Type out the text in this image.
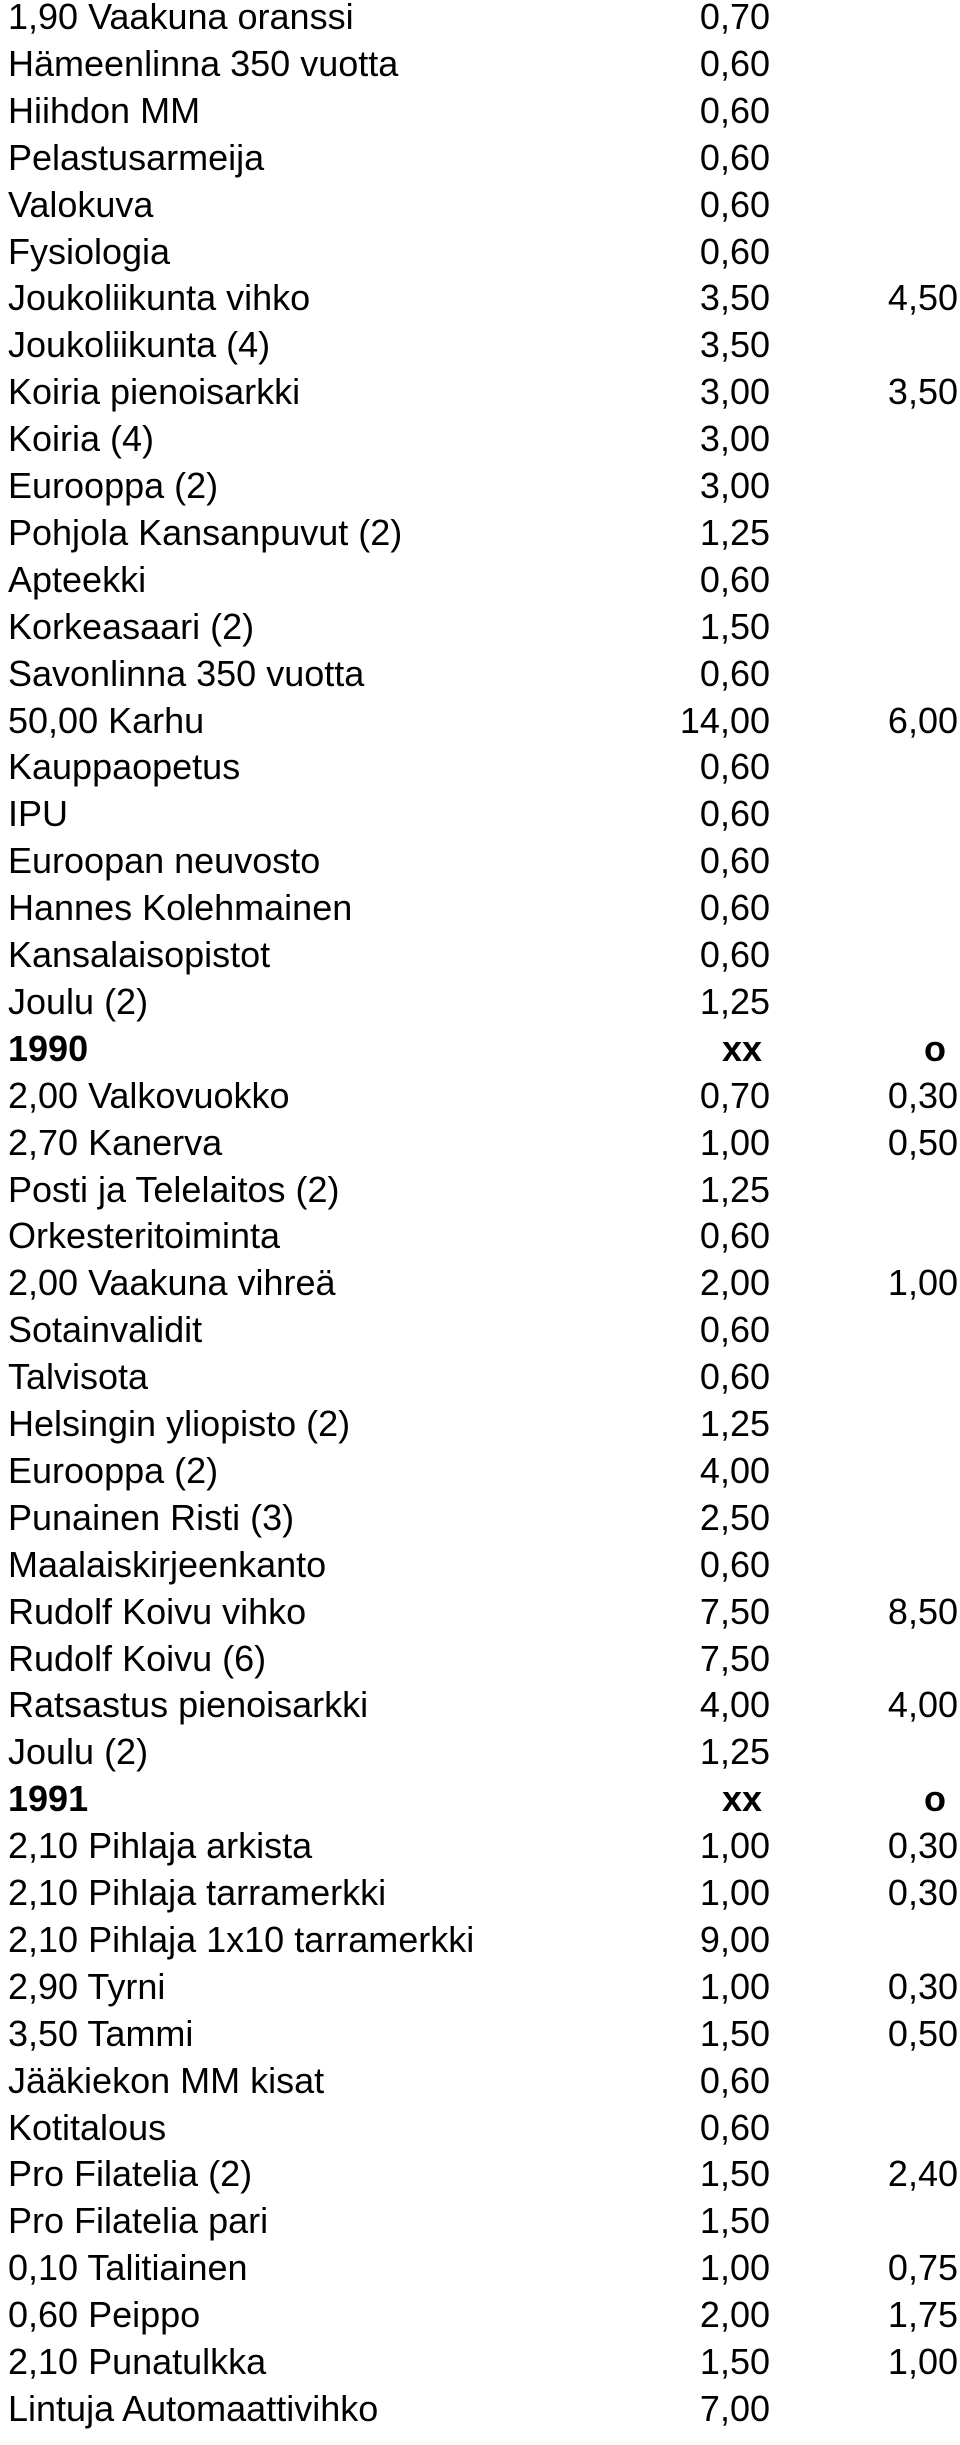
1,90 Vaakuna oranssi	0,70
Hämeenlinna 350 vuotta	0,60
Hiihdon MM	0,60
Pelastusarmeija	0,60
Valokuva	0,60
Fysiologia	0,60
Joukoliikunta vihko	3,50	4,50
Joukoliikunta (4)	3,50
Koiria pienoisarkki	3,00	3,50
Koiria (4)	3,00
Eurooppa (2)	3,00
Pohjola Kansanpuvut (2)	1,25
Apteekki	0,60
Korkeasaari (2)	1,50
Savonlinna 350 vuotta	0,60
50,00 Karhu	14,00	6,00
Kauppaopetus	0,60
IPU	0,60
Euroopan neuvosto	0,60
Hannes Kolehmainen	0,60
Kansalaisopistot	0,60
Joulu (2)	1,25
1990	xx	o
2,00 Valkovuokko	0,70	0,30
2,70 Kanerva	1,00	0,50
Posti ja Telelaitos (2)	1,25
Orkesteritoiminta	0,60
2,00 Vaakuna vihreä	2,00	1,00
Sotainvalidit	0,60
Talvisota	0,60
Helsingin yliopisto (2)	1,25
Eurooppa (2)	4,00
Punainen Risti (3)	2,50
Maalaiskirjeenkanto	0,60
Rudolf Koivu vihko	7,50	8,50
Rudolf Koivu (6)	7,50
Ratsastus pienoisarkki	4,00	4,00
Joulu (2)	1,25
1991	xx	o
2,10 Pihlaja arkista	1,00	0,30
2,10 Pihlaja tarramerkki	1,00	0,30
2,10 Pihlaja 1x10 tarramerkki	9,00
2,90 Tyrni	1,00	0,30
3,50 Tammi	1,50	0,50
Jääkiekon MM kisat	0,60
Kotitalous	0,60
Pro Filatelia (2)	1,50	2,40
Pro Filatelia pari	1,50
0,10 Talitiainen	1,00	0,75
0,60 Peippo	2,00	1,75
2,10 Punatulkka	1,50	1,00
Lintuja Automaattivihko	7,00
